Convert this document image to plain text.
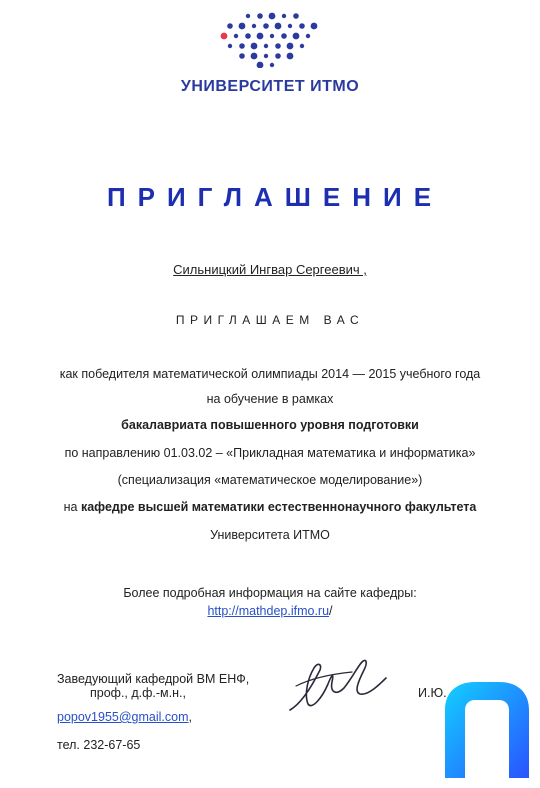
УНИВЕРСИТЕТ ИТМО
ПРИГЛАШЕНИЕ
Сильницкий Ингвар Сергеевич ,
ПРИГЛАШАЕМ ВАС
как победителя математической олимпиады 2014 — 2015 учебного года
на обучение в рамках
бакалавриата повышенного уровня подготовки
по направлению 01.03.02 – «Прикладная математика и информатика»
(специализация «математическое моделирование»)
на кафедре высшей математики естественнонаучного факультета
Университета ИТМО
Более подробная информация на сайте кафедры:
http://mathdep.ifmo.ru/
Заведующий кафедрой ВМ ЕНФ,
проф., д.ф.-м.н.,	И.Ю.
popov1955@gmail.com,
тел. 232-67-65
